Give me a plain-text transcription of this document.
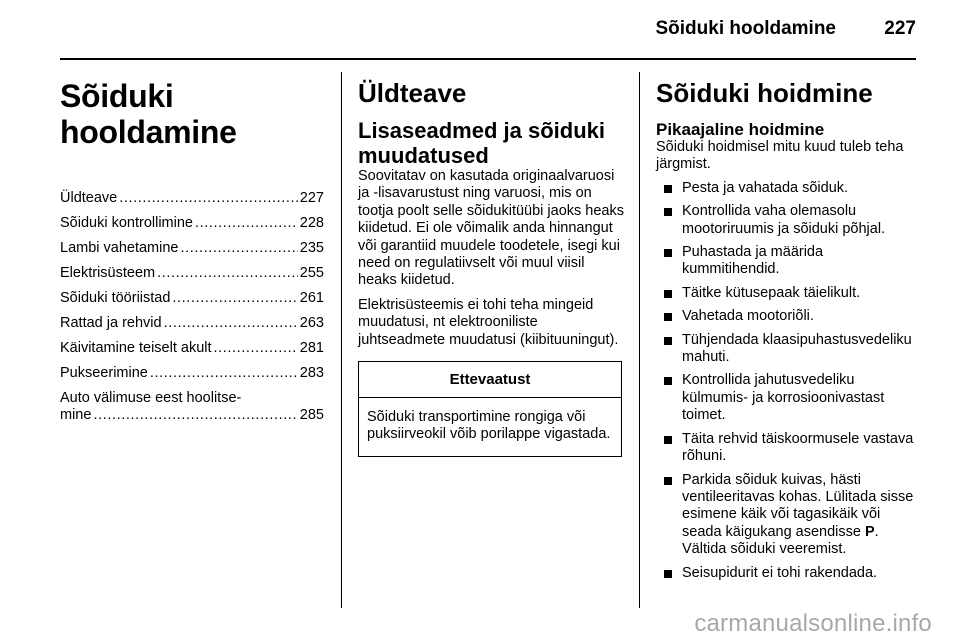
Sõiduki hooldamine	227
Sõiduki hooldamine
Üldteave .....	227
Sõiduki kontrollimine .....	228
Lambi vahetamine .....	235
Elektrisüsteem .....	255
Sõiduki tööriistad .....	261
Rattad ja rehvid .....	263
Käivitamine teiselt akult .....	281
Pukseerimine .....	283
Auto välimuse eest hoolitse-
mine .....	285
Üldteave
Lisaseadmed ja sõiduki muudatused

Soovitatav on kasutada originaalvaruosi ja -lisavarustust ning varuosi, mis on tootja poolt selle sõidukitüübi jaoks heaks kiidetud. Ei ole võimalik anda hinnangut või garantiid muudele toodetele, isegi kui need on regulatiivselt või muul viisil heaks kiidetud.

Elektrisüsteemis ei tohi teha mingeid muudatusi, nt elektrooniliste juhtseadmete muudatusi (kiibituuningut).

Ettevaatust
Sõiduki transportimine rongiga või puksiirveokil võib porilappe vigastada.
Sõiduki hoidmine
Pikaajaline hoidmine

Sõiduki hoidmisel mitu kuud tuleb teha järgmist.

Pesta ja vahatada sõiduk.
Kontrollida vaha olemasolu mootoriruumis ja sõiduki põhjal.
Puhastada ja määrida kummitihendid.
Täitke kütusepaak täielikult.
Vahetada mootoriõli.
Tühjendada klaasipuhastusvedeliku mahuti.
Kontrollida jahutusvedeliku külmumis- ja korrosioonivastast toimet.
Täita rehvid täiskoormusele vastava rõhuni.
Parkida sõiduk kuivas, hästi ventileeritavas kohas. Lülitada sisse esimene käik või tagasikäik või seada käigukang asendisse P. Vältida sõiduki veeremist.
Seisupidurit ei tohi rakendada.
carmanualsonline.info
